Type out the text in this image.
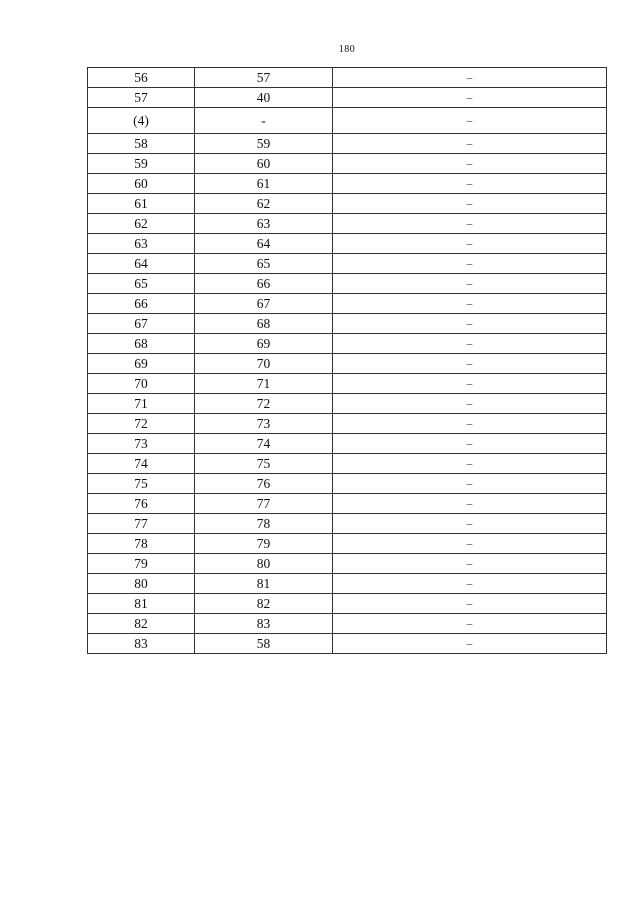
180
56	57	–
57	40	–
(4)	-	–
58	59	–
59	60	–
60	61	–
61	62	–
62	63	–
63	64	–
64	65	–
65	66	–
66	67	–
67	68	–
68	69	–
69	70	–
70	71	–
71	72	–
72	73	–
73	74	–
74	75	–
75	76	–
76	77	–
77	78	–
78	79	–
79	80	–
80	81	–
81	82	–
82	83	–
83	58	–
